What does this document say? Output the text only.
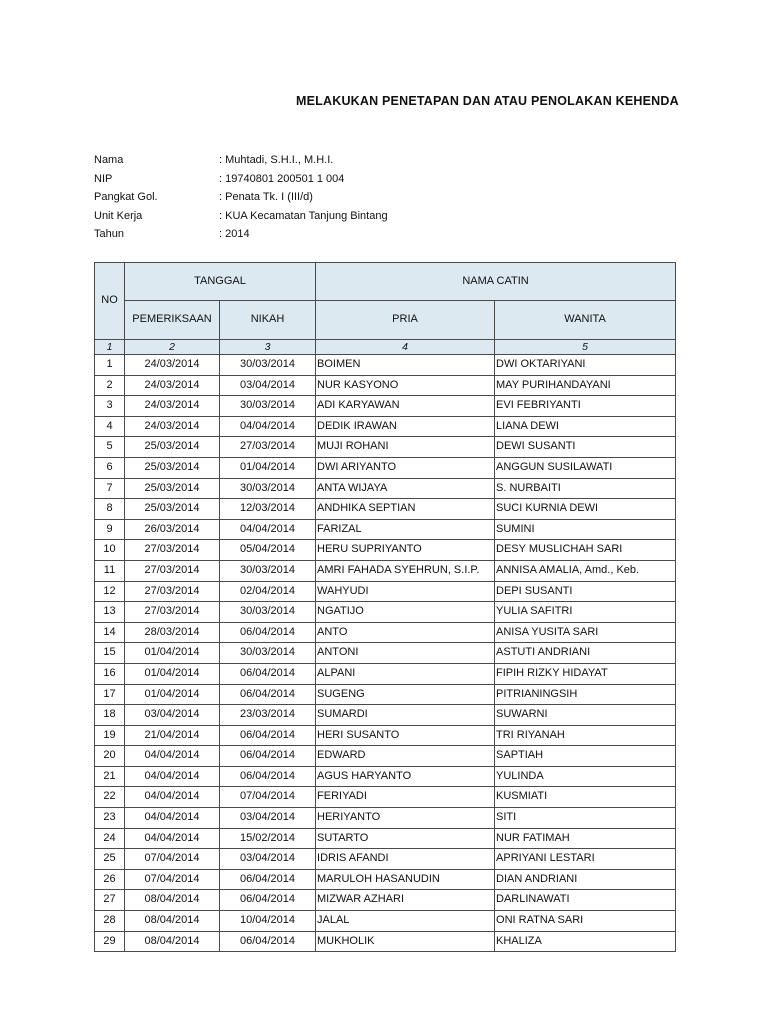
MELAKUKAN PENETAPAN DAN ATAU PENOLAKAN KEHENDA
Nama	: Muhtadi, S.H.I., M.H.I.
NIP	: 19740801 200501 1 004
Pangkat Gol.	: Penata Tk. I (III/d)
Unit Kerja	: KUA Kecamatan Tanjung Bintang
Tahun	: 2014
NO	TANGGAL		NAMA CATIN	
	PEMERIKSAAN	NIKAH	PRIA	WANITA
1	2	3	4	5
1	24/03/2014	30/03/2014	BOIMEN	DWI OKTARIYANI
2	24/03/2014	03/04/2014	NUR KASYONO	MAY PURIHANDAYANI
3	24/03/2014	30/03/2014	ADI KARYAWAN	EVI FEBRIYANTI
4	24/03/2014	04/04/2014	DEDIK IRAWAN	LIANA DEWI
5	25/03/2014	27/03/2014	MUJI ROHANI	DEWI SUSANTI
6	25/03/2014	01/04/2014	DWI ARIYANTO	ANGGUN SUSILAWATI
7	25/03/2014	30/03/2014	ANTA WIJAYA	S. NURBAITI
8	25/03/2014	12/03/2014	ANDHIKA SEPTIAN	SUCI KURNIA DEWI
9	26/03/2014	04/04/2014	FARIZAL	SUMINI
10	27/03/2014	05/04/2014	HERU SUPRIYANTO	DESY MUSLICHAH SARI
11	27/03/2014	30/03/2014	AMRI FAHADA SYEHRUN, S.I.P.	ANNISA AMALIA, Amd., Keb.
12	27/03/2014	02/04/2014	WAHYUDI	DEPI SUSANTI
13	27/03/2014	30/03/2014	NGATIJO	YULIA SAFITRI
14	28/03/2014	06/04/2014	ANTO	ANISA YUSITA SARI
15	01/04/2014	30/03/2014	ANTONI	ASTUTI ANDRIANI
16	01/04/2014	06/04/2014	ALPANI	FIPIH RIZKY HIDAYAT
17	01/04/2014	06/04/2014	SUGENG	PITRIANINGSIH
18	03/04/2014	23/03/2014	SUMARDI	SUWARNI
19	21/04/2014	06/04/2014	HERI SUSANTO	TRI RIYANAH
20	04/04/2014	06/04/2014	EDWARD	SAPTIAH
21	04/04/2014	06/04/2014	AGUS HARYANTO	YULINDA
22	04/04/2014	07/04/2014	FERIYADI	KUSMIATI
23	04/04/2014	03/04/2014	HERIYANTO	SITI
24	04/04/2014	15/02/2014	SUTARTO	NUR FATIMAH
25	07/04/2014	03/04/2014	IDRIS AFANDI	APRIYANI LESTARI
26	07/04/2014	06/04/2014	MARULOH HASANUDIN	DIAN ANDRIANI
27	08/04/2014	06/04/2014	MIZWAR AZHARI	DARLINAWATI
28	08/04/2014	10/04/2014	JALAL	ONI RATNA SARI
29	08/04/2014	06/04/2014	MUKHOLIK	KHALIZA
